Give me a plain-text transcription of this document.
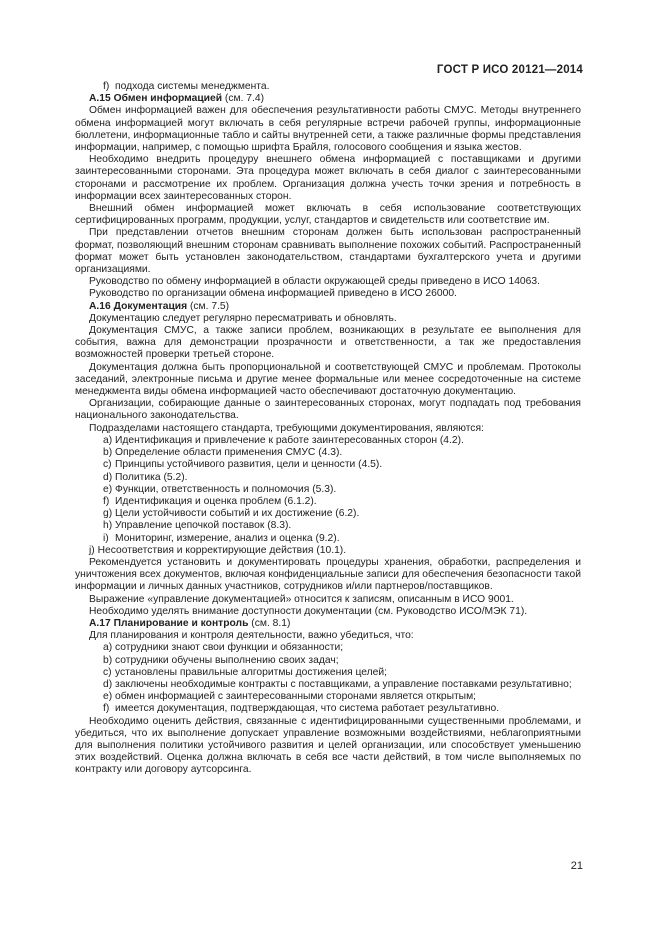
ГОСТ Р ИСО 20121—2014

f) подхода системы менеджмента.

А.15 Обмен информацией (см. 7.4)

Обмен информацией важен для обеспечения результативности работы СМУС. Методы внутреннего обмена информацией могут включать в себя регулярные встречи рабочей группы, информационные бюллетени, информационные табло и сайты внутренней сети, а также различные формы представления информации, например, с помощью шрифта Брайля, голосового сообщения и языка жестов.

Необходимо внедрить процедуру внешнего обмена информацией с поставщиками и другими заинтересованными сторонами. Эта процедура может включать в себя диалог с заинтересованными сторонами и рассмотрение их проблем. Организация должна учесть точки зрения и потребность в информации всех заинтересованных сторон.

Внешний обмен информацией может включать в себя использование соответствующих сертифицированных программ, продукции, услуг, стандартов и свидетельств или соответствие им.

При представлении отчетов внешним сторонам должен быть использован распространенный формат, позволяющий внешним сторонам сравнивать выполнение похожих событий. Распространенный формат может быть установлен законодательством, стандартами бухгалтерского учета и другими организациями.

Руководство по обмену информацией в области окружающей среды приведено в ИСО 14063.

Руководство по организации обмена информацией приведено в ИСО 26000.

А.16 Документация (см. 7.5)

Документацию следует регулярно пересматривать и обновлять.

Документация СМУС, а также записи проблем, возникающих в результате ее выполнения для события, важна для демонстрации прозрачности и ответственности, а так же предоставления возможностей проверки третьей стороне.

Документация должна быть пропорциональной и соответствующей СМУС и проблемам. Протоколы заседаний, электронные письма и другие менее формальные или менее сосредоточенные на системе менеджмента виды обмена информацией часто обеспечивают достаточную документацию.

Организации, собирающие данные о заинтересованных сторонах, могут подпадать под требования национального законодательства.

Подразделами настоящего стандарта, требующими документирования, являются:

a) Идентификация и привлечение к работе заинтересованных сторон (4.2).

b) Определение области применения СМУС (4.3).

c) Принципы устойчивого развития, цели и ценности (4.5).

d) Политика (5.2).

e) Функции, ответственность и полномочия (5.3).

f) Идентификация и оценка проблем (6.1.2).

g) Цели устойчивости событий и их достижение (6.2).

h) Управление цепочкой поставок (8.3).

i) Мониторинг, измерение, анализ и оценка (9.2).

j) Несоответствия и корректирующие действия (10.1).

Рекомендуется установить и документировать процедуры хранения, обработки, распределения и уничтожения всех документов, включая конфиденциальные записи для обеспечения безопасности такой информации и личных данных участников, сотрудников и/или партнеров/поставщиков.

Выражение «управление документацией» относится к записям, описанным в ИСО 9001.

Необходимо уделять внимание доступности документации (см. Руководство ИСО/МЭК 71).

А.17 Планирование и контроль (см. 8.1)

Для планирования и контроля деятельности, важно убедиться, что:

a) сотрудники знают свои функции и обязанности;

b) сотрудники обучены выполнению своих задач;

c) установлены правильные алгоритмы достижения целей;

d) заключены необходимые контракты с поставщиками, а управление поставками результативно;

e) обмен информацией с заинтересованными сторонами является открытым;

f) имеется документация, подтверждающая, что система работает результативно.

Необходимо оценить действия, связанные с идентифицированными существенными проблемами, и убедиться, что их выполнение допускает управление возможными воздействиями, неблагоприятными для выполнения политики устойчивого развития и целей организации, или способствует уменьшению этих воздействий. Оценка должна включать в себя все части действий, в том числе выполняемых по контракту или договору аутсорсинга.

21
